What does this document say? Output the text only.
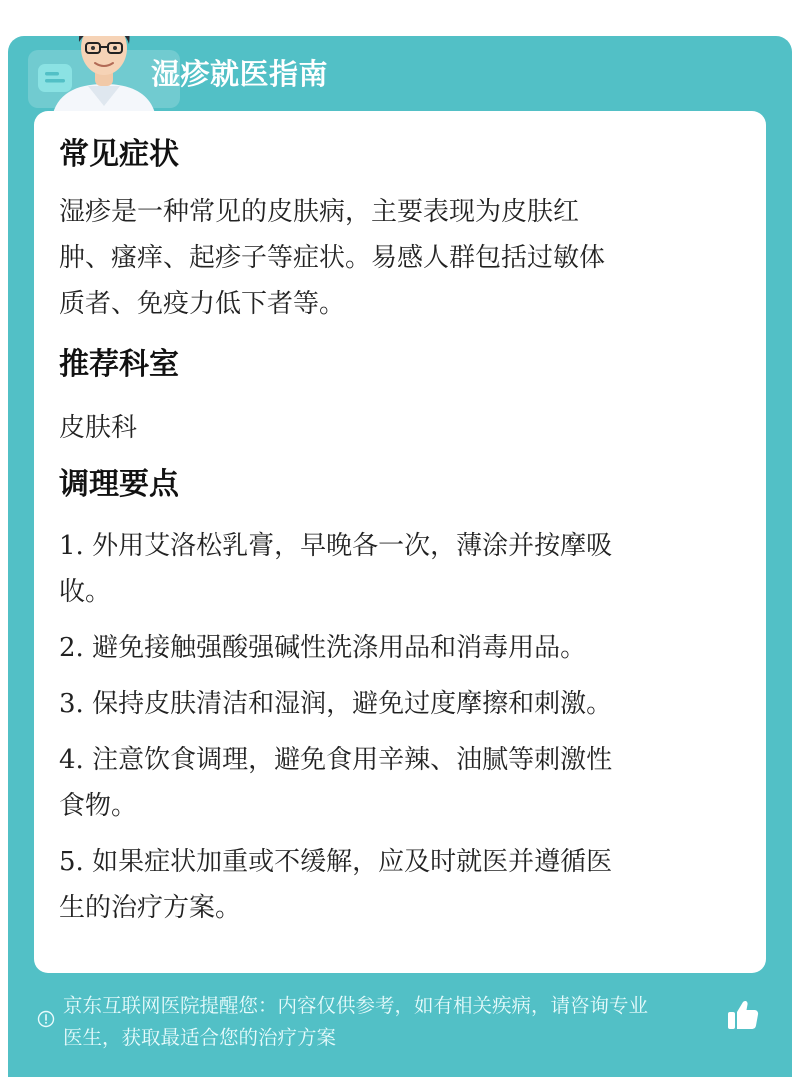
湿疹就医指南
常见症状

湿疹是一种常见的皮肤病，主要表现为皮肤红

肿、瘙痒、起疹子等症状。易感人群包括过敏体

质者、免疫力低下者等。

推荐科室

皮肤科

调理要点

1. 外用艾洛松乳膏，早晚各一次，薄涂并按摩吸

收。

2. 避免接触强酸强碱性洗涤用品和消毒用品。

3. 保持皮肤清洁和湿润，避免过度摩擦和刺激。

4. 注意饮食调理，避免食用辛辣、油腻等刺激性

食物。

5. 如果症状加重或不缓解，应及时就医并遵循医

生的治疗方案。

京东互联网医院提醒您：内容仅供参考，如有相关疾病，请咨询专业
医生，获取最适合您的治疗方案
